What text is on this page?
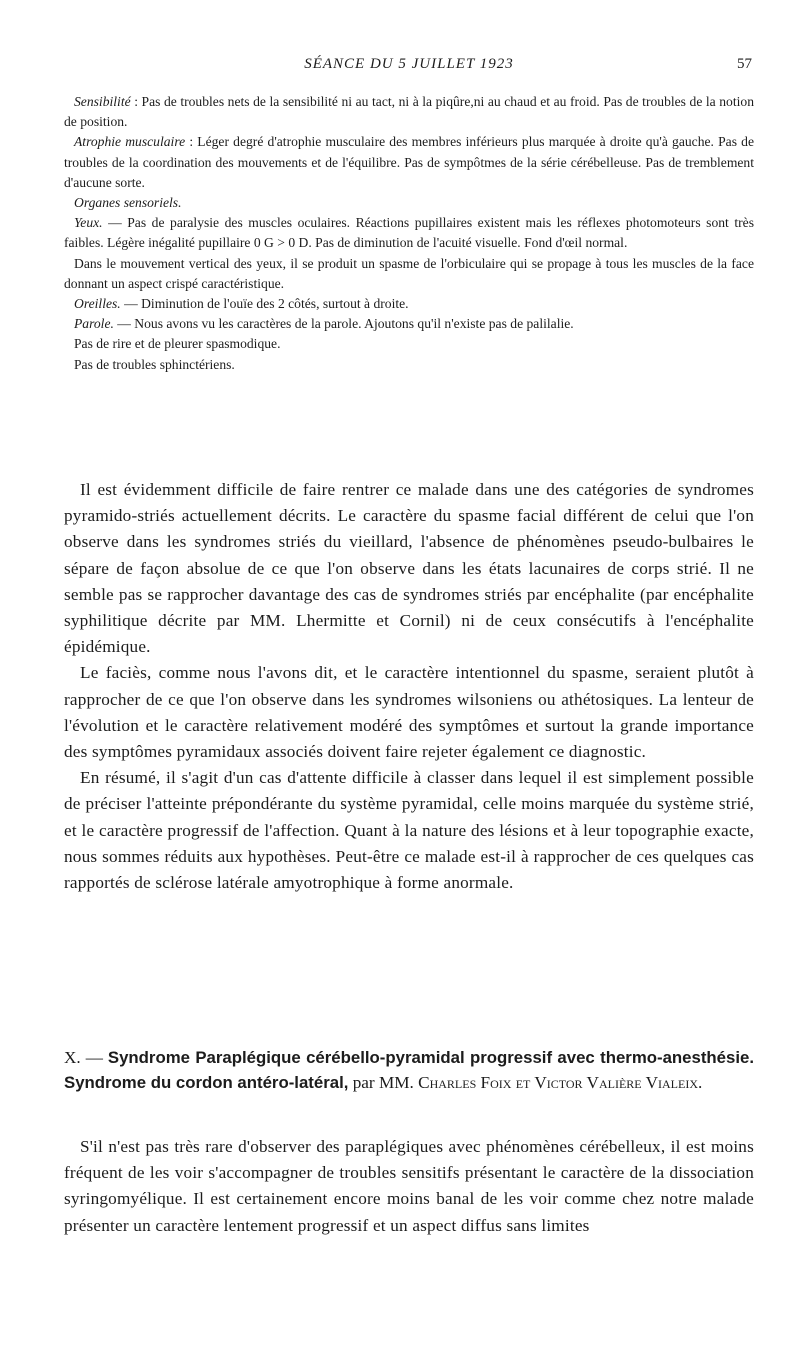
SÉANCE DU 5 JUILLET 1923	57

Sensibilité : Pas de troubles nets de la sensibilité ni au tact, ni à la piqûre,ni au chaud et au froid. Pas de troubles de la notion de position.

Atrophie musculaire : Léger degré d'atrophie musculaire des membres inférieurs plus marquée à droite qu'à gauche. Pas de troubles de la coordination des mouvements et de l'équilibre. Pas de sympôtmes de la série cérébelleuse. Pas de tremblement d'aucune sorte.

Organes sensoriels.

Yeux. — Pas de paralysie des muscles oculaires. Réactions pupillaires existent mais les réflexes photomoteurs sont très faibles. Légère inégalité pupillaire 0 G > 0 D. Pas de diminution de l'acuité visuelle. Fond d'œil normal.

Dans le mouvement vertical des yeux, il se produit un spasme de l'orbiculaire qui se propage à tous les muscles de la face donnant un aspect crispé caractéristique.

Oreilles. — Diminution de l'ouïe des 2 côtés, surtout à droite.

Parole. — Nous avons vu les caractères de la parole. Ajoutons qu'il n'existe pas de palilalie.

Pas de rire et de pleurer spasmodique.

Pas de troubles sphinctériens.

Il est évidemment difficile de faire rentrer ce malade dans une des catégories de syndromes pyramido-striés actuellement décrits. Le caractère du spasme facial différent de celui que l'on observe dans les syndromes striés du vieillard, l'absence de phénomènes pseudo-bulbaires le sépare de façon absolue de ce que l'on observe dans les états lacunaires de corps strié. Il ne semble pas se rapprocher davantage des cas de syndromes striés par encéphalite (par encéphalite syphilitique décrite par MM. Lhermitte et Cornil) ni de ceux consécutifs à l'encéphalite épidémique.

Le faciès, comme nous l'avons dit, et le caractère intentionnel du spasme, seraient plutôt à rapprocher de ce que l'on observe dans les syndromes wilsoniens ou athétosiques. La lenteur de l'évolution et le caractère relativement modéré des symptômes et surtout la grande importance des symptômes pyramidaux associés doivent faire rejeter également ce diagnostic.

En résumé, il s'agit d'un cas d'attente difficile à classer dans lequel il est simplement possible de préciser l'atteinte prépondérante du système pyramidal, celle moins marquée du système strié, et le caractère progressif de l'affection. Quant à la nature des lésions et à leur topographie exacte, nous sommes réduits aux hypothèses. Peut-être ce malade est-il à rapprocher de ces quelques cas rapportés de sclérose latérale amyotrophique à forme anormale.

X. — Syndrome Paraplégique cérébello-pyramidal progressif avec thermo-anesthésie. Syndrome du cordon antéro-latéral, par MM. Charles Foix et Victor Valière Vialeix.

S'il n'est pas très rare d'observer des paraplégiques avec phénomènes cérébelleux, il est moins fréquent de les voir s'accompagner de troubles sensitifs présentant le caractère de la dissociation syringomyélique. Il est certainement encore moins banal de les voir comme chez notre malade présenter un caractère lentement progressif et un aspect diffus sans limites
